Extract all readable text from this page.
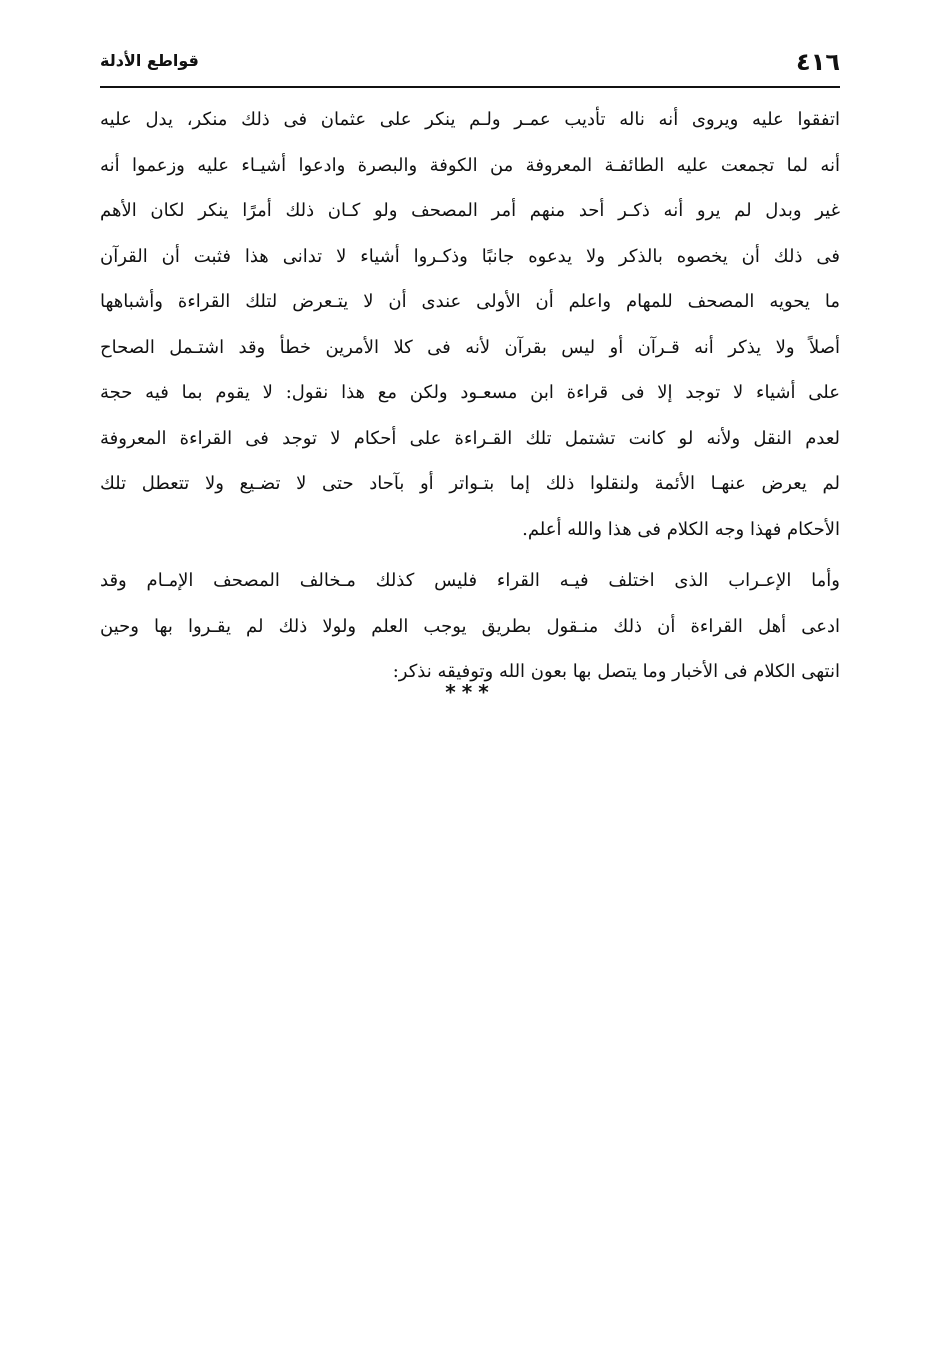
٤١٦
قواطع الأدلة
اتفقوا عليه ويروى أنه ناله تأديب عمـر ولـم ينكر على عثمان فى ذلك منكر، يدل عليه
أنه لما تجمعت عليه الطائفـة المعروفة من الكوفة والبصرة وادعوا أشيـاء عليه وزعموا أنه
غير وبدل لم يرو أنه ذكـر أحد منهم أمر المصحف ولو كـان ذلك أمرًا ينكر لكان الأهم
فى ذلك أن يخصوه بالذكر ولا يدعوه جانبًا وذكـروا أشياء لا تدانى هذا فثبت أن القرآن
ما يحويه المصحف للمهام واعلم أن الأولى عندى أن لا يتـعرض لتلك القراءة وأشباهها
أصلاً ولا يذكر أنه قـرآن أو ليس بقرآن لأنه فى كلا الأمرين خطأ وقد اشتـمل الصحاح
على أشياء لا توجد إلا فى قراءة ابن مسعـود ولكن مع هذا نقول: لا يقوم بما فيه حجة
لعدم النقل ولأنه لو كانت تشتمل تلك القـراءة على أحكام لا توجد فى القراءة المعروفة
لم يعرض عنهـا الأئمة ولنقلوا ذلك إما بتـواتر أو بآحاد حتى لا تضـيع ولا تتعطل تلك
الأحكام فهذا وجه الكلام فى هذا والله أعلم.
وأما الإعـراب الذى اختلف فيـه القراء فليس كذلك مـخالف المصحف الإمـام وقد
ادعى أهل القراءة أن ذلك منـقول بطريق يوجب العلم ولولا ذلك لم يقـروا بها وحين
انتهى الكلام فى الأخبار وما يتصل بها بعون الله وتوفيقه نذكر:
***
